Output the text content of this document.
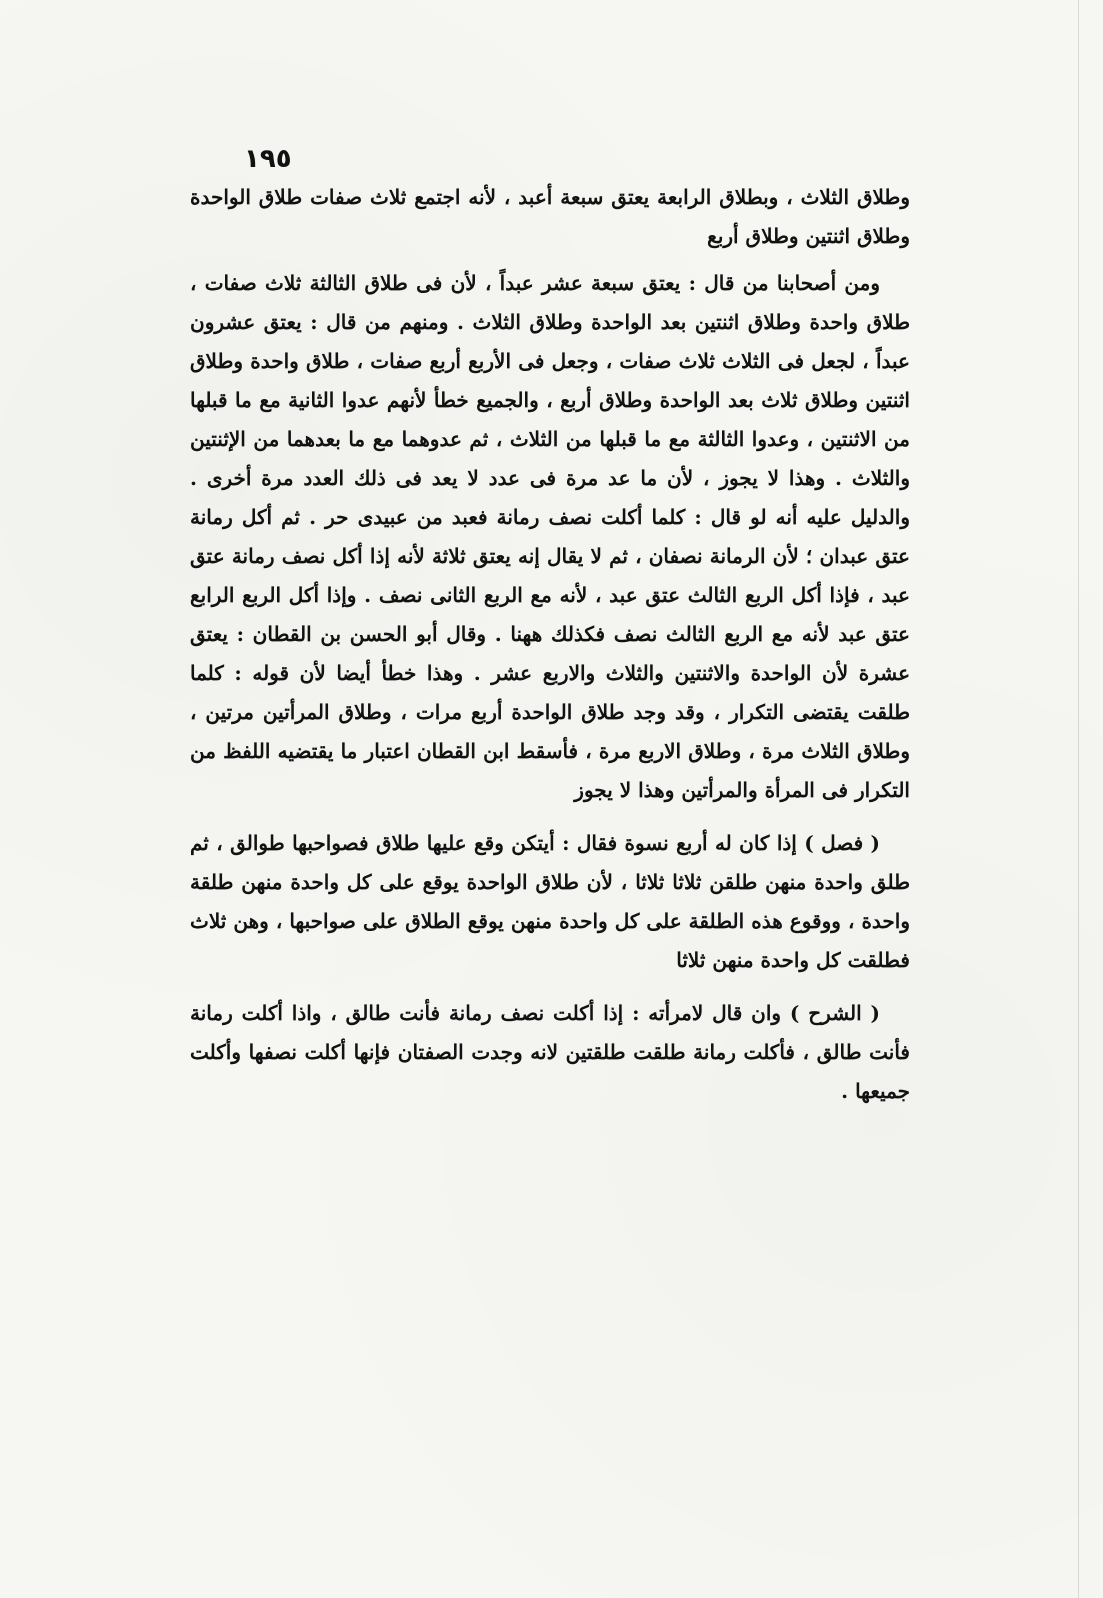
١٩٥

وطلاق الثلاث ، وبطلاق الرابعة يعتق سبعة أعبد ، لأنه اجتمع ثلاث صفات طلاق الواحدة وطلاق اثنتين وطلاق أربع

ومن أصحابنا من قال : يعتق سبعة عشر عبداً ، لأن فى طلاق الثالثة ثلاث صفات ، طلاق واحدة وطلاق اثنتين بعد الواحدة وطلاق الثلاث . ومنهم من قال : يعتق عشرون عبداً ، لجعل فى الثلاث ثلاث صفات ، وجعل فى الأربع أربع صفات ، طلاق واحدة وطلاق اثنتين وطلاق ثلاث بعد الواحدة وطلاق أربع ، والجميع خطأ لأنهم عدوا الثانية مع ما قبلها من الاثنتين ، وعدوا الثالثة مع ما قبلها من الثلاث ، ثم عدوهما مع ما بعدهما من الإثنتين والثلاث . وهذا لا يجوز ، لأن ما عد مرة فى عدد لا يعد فى ذلك العدد مرة أخرى . والدليل عليه أنه لو قال : كلما أكلت نصف رمانة فعبد من عبيدى حر . ثم أكل رمانة عتق عبدان ؛ لأن الرمانة نصفان ، ثم لا يقال إنه يعتق ثلاثة لأنه إذا أكل نصف رمانة عتق عبد ، فإذا أكل الربع الثالث عتق عبد ، لأنه مع الربع الثانى نصف . وإذا أكل الربع الرابع عتق عبد لأنه مع الربع الثالث نصف فكذلك ههنا . وقال أبو الحسن بن القطان : يعتق عشرة لأن الواحدة والاثنتين والثلاث والاربع عشر . وهذا خطأ أيضا لأن قوله : كلما طلقت يقتضى التكرار ، وقد وجد طلاق الواحدة أربع مرات ، وطلاق المرأتين مرتين ، وطلاق الثلاث مرة ، وطلاق الاربع مرة ، فأسقط ابن القطان اعتبار ما يقتضيه اللفظ من التكرار فى المرأة والمرأتين وهذا لا يجوز

( فصل ) إذا كان له أربع نسوة فقال : أيتكن وقع عليها طلاق فصواحبها طوالق ، ثم طلق واحدة منهن طلقن ثلاثا ثلاثا ، لأن طلاق الواحدة يوقع على كل واحدة منهن طلقة واحدة ، ووقوع هذه الطلقة على كل واحدة منهن يوقع الطلاق على صواحبها ، وهن ثلاث فطلقت كل واحدة منهن ثلاثا

( الشرح ) وان قال لامرأته : إذا أكلت نصف رمانة فأنت طالق ، واذا أكلت رمانة فأنت طالق ، فأكلت رمانة طلقت طلقتين لانه وجدت الصفتان فإنها أكلت نصفها وأكلت جميعها .
